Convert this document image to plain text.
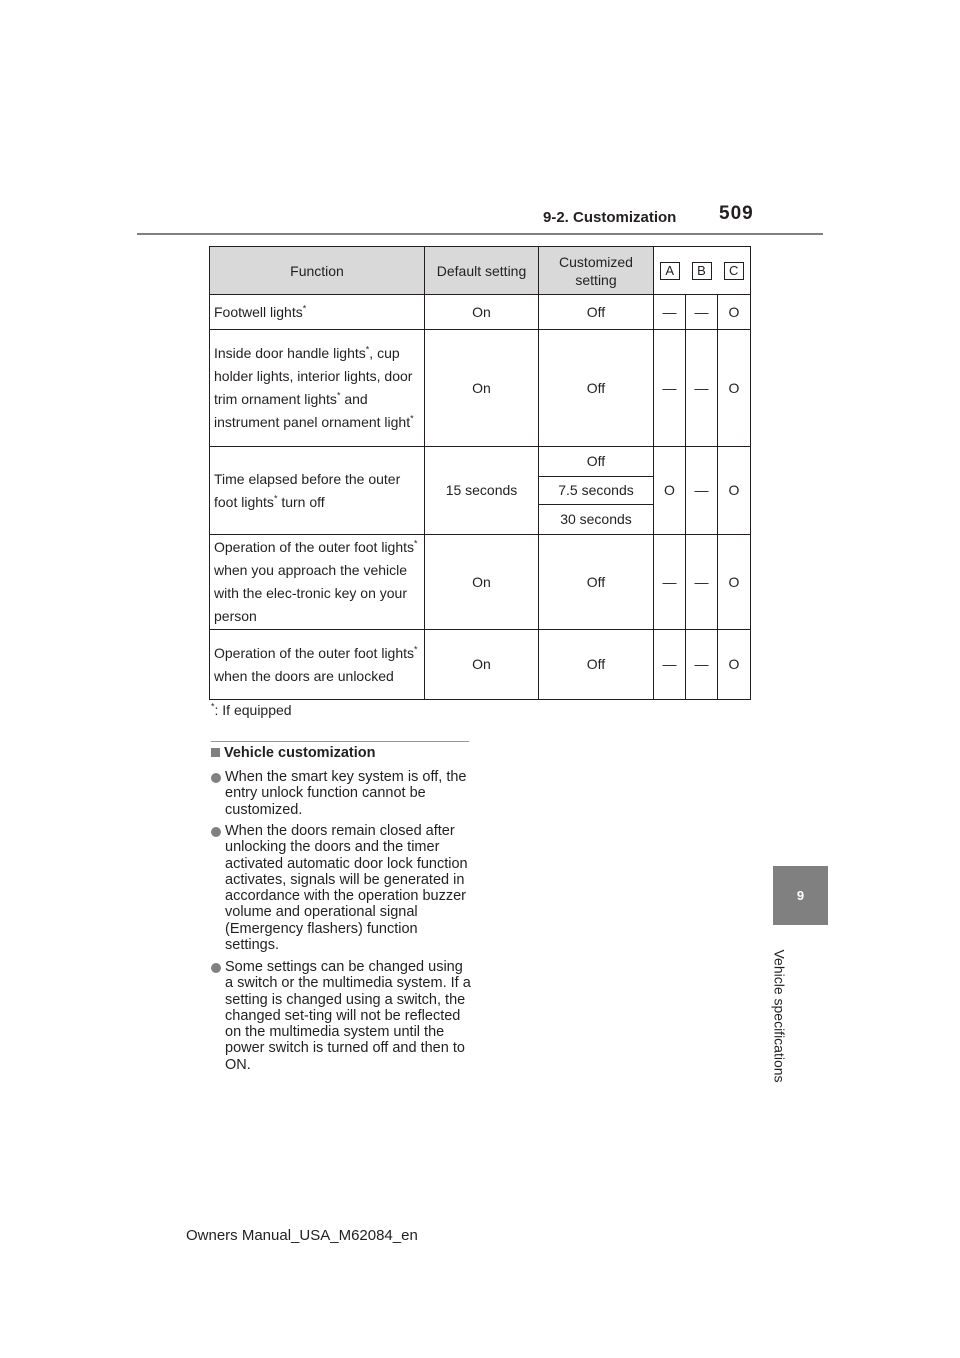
9-2. Customization 509
9
Vehicle specifications
Function	Default setting	Customized setting	A	B	C
Footwell lights*	On	Off	—	—	O
Inside door handle lights*, cup holder lights, interior lights, door trim ornament lights* and instrument panel ornament light*	On	Off	—	—	O
Time elapsed before the outer foot lights* turn off	15 seconds	Off	O	—	O
		7.5 seconds			
		30 seconds			
Operation of the outer foot lights* when you approach the vehicle with the elec-tronic key on your person	On	Off	—	—	O
Operation of the outer foot lights* when the doors are unlocked	On	Off	—	—	O
*: If equipped
Vehicle customization
When the smart key system is off, the entry unlock function cannot be customized.
When the doors remain closed after unlocking the doors and the timer activated automatic door lock function activates, signals will be generated in accordance with the operation buzzer volume and operational signal (Emergency flashers) function settings.
Some settings can be changed using a switch or the multimedia system. If a setting is changed using a switch, the changed set-ting will not be reflected on the multimedia system until the power switch is turned off and then to ON.
Owners Manual_USA_M62084_en
